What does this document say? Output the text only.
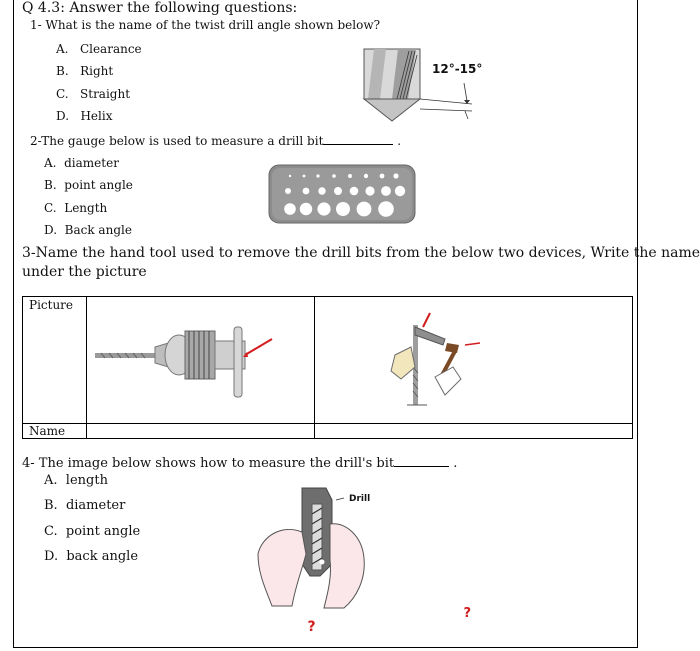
Q 4.3: Answer the following questions:
1- What is the name of the twist drill angle shown below?
A. Clearance
B. Right
C. Straight
D. Helix
12°-15°
2-The gauge below is used to measure a drill bit	.
A. diameter
B. point angle
C. Length
D. Back angle
3-Name the hand tool used to remove the drill bits from the below two devices, Write the name
under the picture
Picture	?	?

Name		

4- The image below shows how to measure the drill's bit	.
A. length
B. diameter
C. point angle
D. back angle
Drill
